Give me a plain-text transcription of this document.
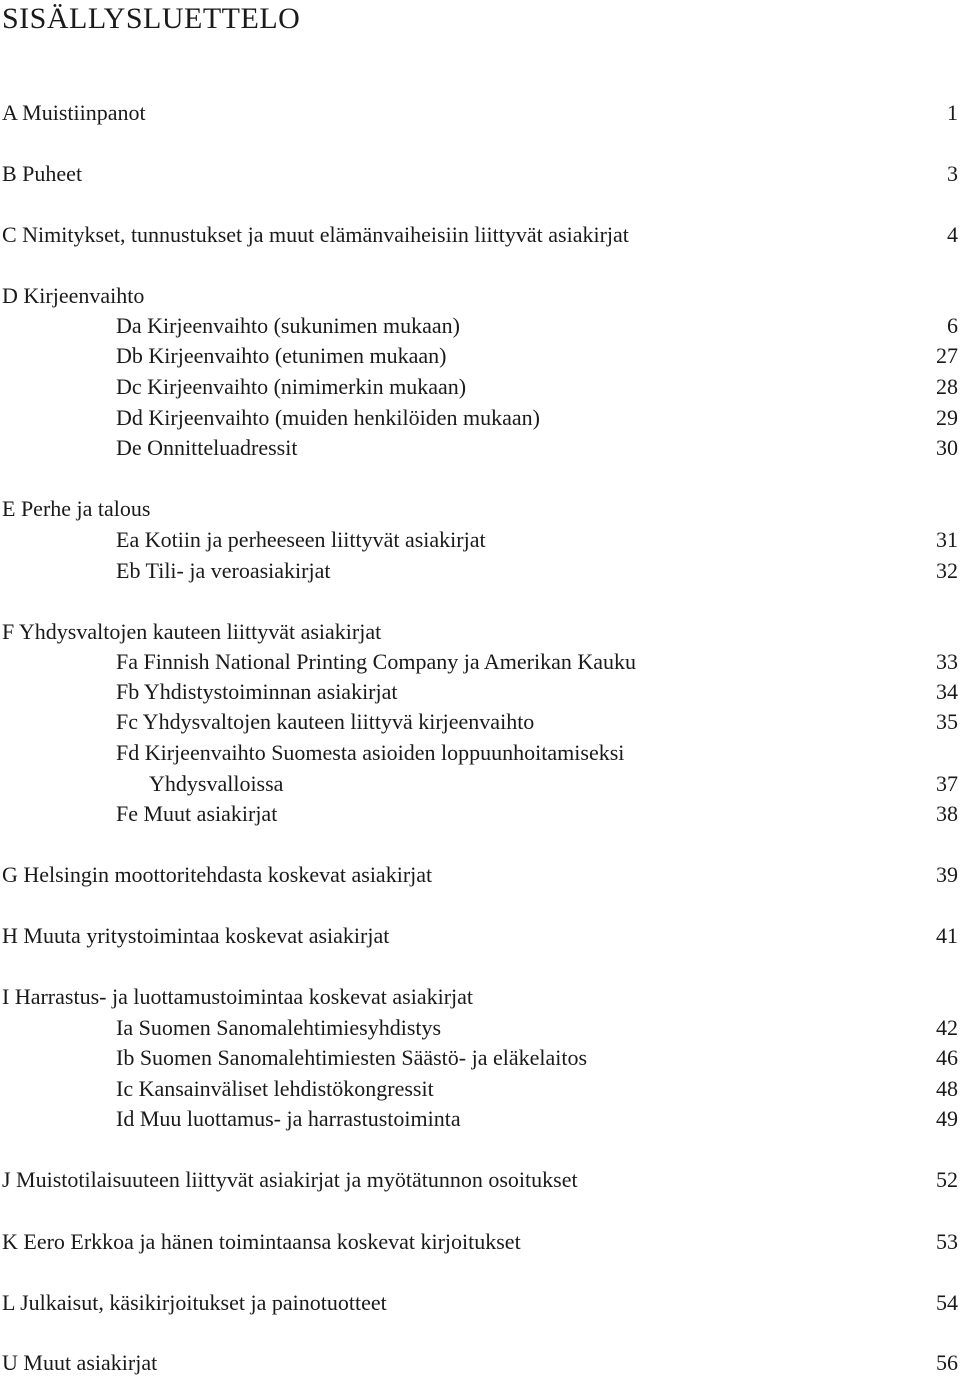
SISÄLLYSLUETTELO
A Muistiinpanot	1
B Puheet	3
C Nimitykset, tunnustukset ja muut elämänvaiheisiin liittyvät asiakirjat	4
D Kirjeenvaihto
Da Kirjeenvaihto (sukunimen mukaan)	6
Db Kirjeenvaihto (etunimen mukaan)	27
Dc Kirjeenvaihto (nimimerkin mukaan)	28
Dd Kirjeenvaihto (muiden henkilöiden mukaan)	29
De Onnitteluadressit	30
E Perhe ja talous
Ea Kotiin ja perheeseen liittyvät asiakirjat	31
Eb Tili- ja veroasiakirjat	32
F Yhdysvaltojen kauteen liittyvät asiakirjat
Fa Finnish National Printing Company ja Amerikan Kauku	33
Fb Yhdistystoiminnan asiakirjat	34
Fc Yhdysvaltojen kauteen liittyvä kirjeenvaihto	35
Fd Kirjeenvaihto Suomesta asioiden loppuunhoitamiseksi
Yhdysvalloissa	37
Fe Muut asiakirjat	38
G Helsingin moottoritehdasta koskevat asiakirjat	39
H Muuta yritystoimintaa koskevat asiakirjat	41
I Harrastus- ja luottamustoimintaa koskevat asiakirjat
Ia Suomen Sanomalehtimiesyhdistys	42
Ib Suomen Sanomalehtimiesten Säästö- ja eläkelaitos	46
Ic Kansainväliset lehdistökongressit	48
Id Muu luottamus- ja harrastustoiminta	49
J Muistotilaisuuteen liittyvät asiakirjat ja myötätunnon osoitukset	52
K Eero Erkkoa ja hänen toimintaansa koskevat kirjoitukset	53
L Julkaisut, käsikirjoitukset ja painotuotteet	54
U Muut asiakirjat	56
